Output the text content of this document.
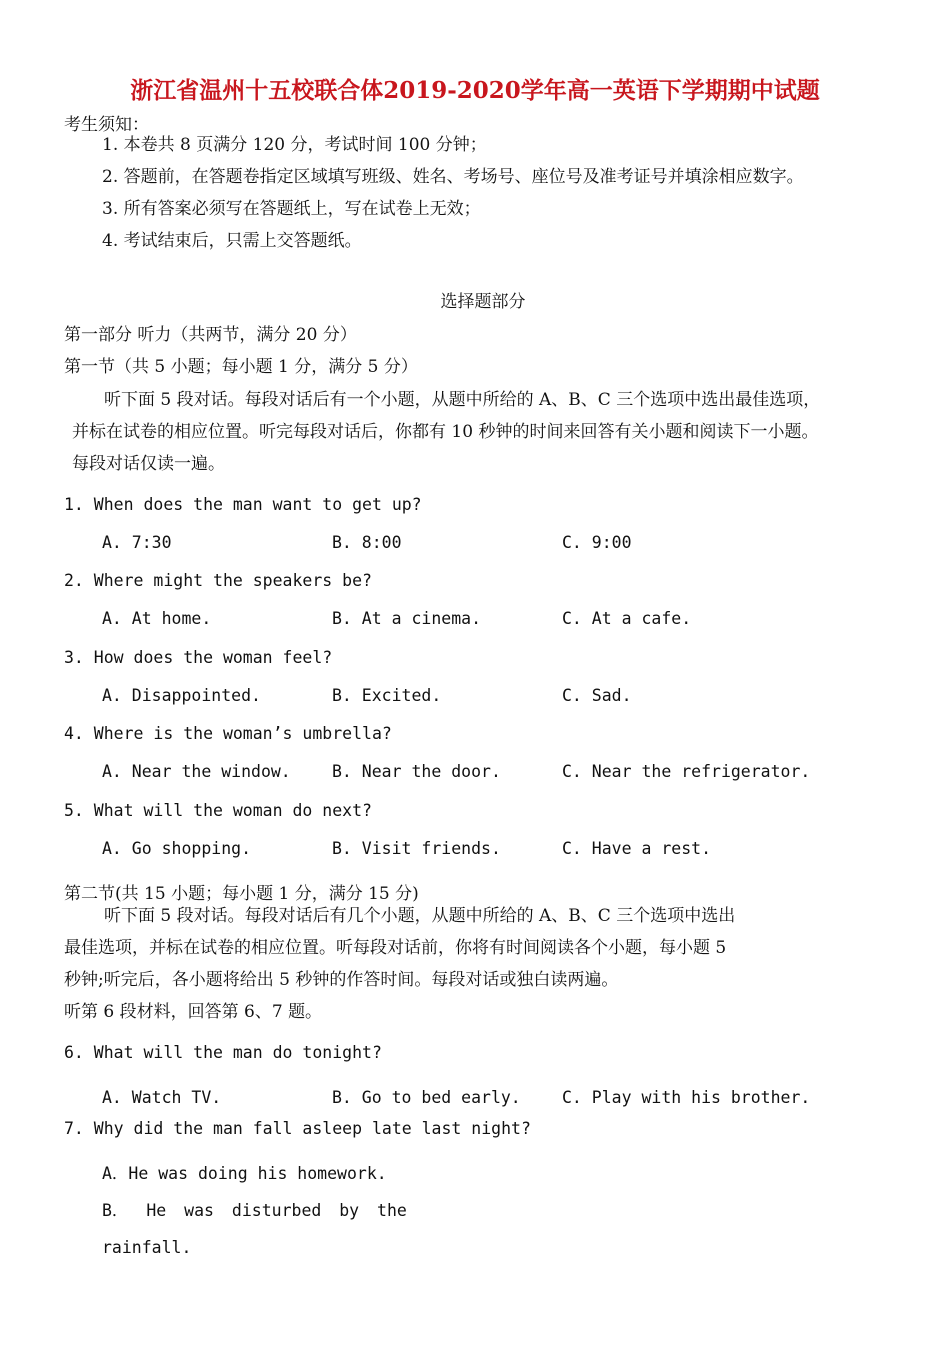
浙江省温州十五校联合体2019-2020学年高一英语下学期期中试题
考生须知：
1. 本卷共 8 页满分 120 分，考试时间 100 分钟；
2. 答题前，在答题卷指定区域填写班级、姓名、考场号、座位号及准考证号并填涂相应数字。
3. 所有答案必须写在答题纸上，写在试卷上无效；
4. 考试结束后，只需上交答题纸。
选择题部分
第一部分 听力（共两节，满分 20 分）
第一节（共 5 小题；每小题 1 分，满分 5 分）
听下面 5 段对话。每段对话后有一个小题，从题中所给的 A、B、C 三个选项中选出最佳选项，
并标在试卷的相应位置。听完每段对话后，你都有 10 秒钟的时间来回答有关小题和阅读下一小题。
每段对话仅读一遍。
1. When does the man want to get up?
A. 7:30	B. 8:00	C. 9:00
2. Where might the speakers be?
A. At home.	B. At a cinema.	C. At a cafe.
3. How does the woman feel?
A. Disappointed.	B. Excited.	C. Sad.
4. Where is the woman’s umbrella?
A. Near the window.	B. Near the door.	C. Near the refrigerator.
5. What will the woman do next?
A. Go shopping.	B. Visit friends.	C. Have a rest.
第二节(共 15 小题；每小题 1 分，满分 15 分)
听下面 5 段对话。每段对话后有几个小题，从题中所给的 A、B、C 三个选项中选出
最佳选项，并标在试卷的相应位置。听每段对话前，你将有时间阅读各个小题，每小题 5
秒钟;听完后，各小题将给出 5 秒钟的作答时间。每段对话或独白读两遍。
听第 6 段材料，回答第 6、7 题。
6. What will the man do tonight?
A. Watch TV.	B. Go to bed early.	C. Play with his brother.
7. Why did the man fall asleep late last night?
A．He was doing his homework.
B． He was disturbed by the
rainfall.
